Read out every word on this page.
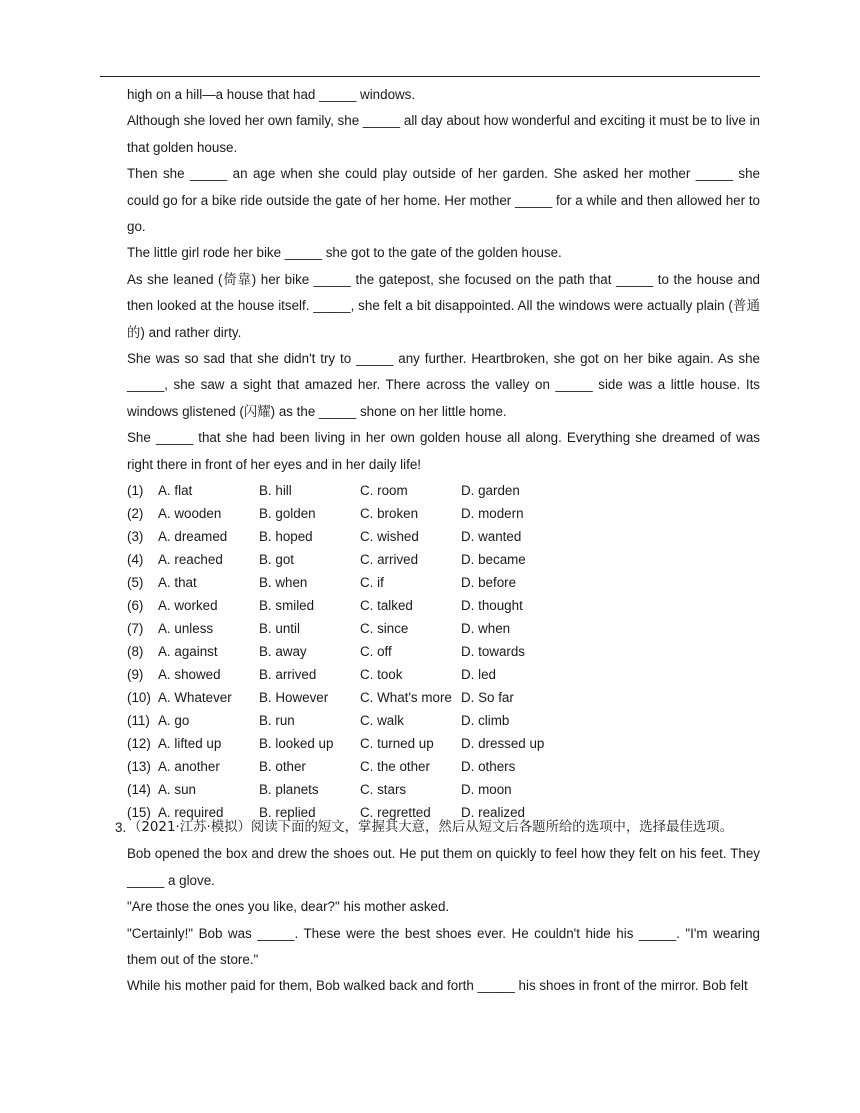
high on a hill—a house that had _____ windows.
Although she loved her own family, she _____ all day about how wonderful and exciting it must be to live in that golden house.
Then she _____ an age when she could play outside of her garden. She asked her mother _____ she could go for a bike ride outside the gate of her home. Her mother _____ for a while and then allowed her to go.
The little girl rode her bike _____ she got to the gate of the golden house.
As she leaned (倚靠) her bike _____ the gatepost, she focused on the path that _____ to the house and then looked at the house itself. _____, she felt a bit disappointed. All the windows were actually plain (普通的) and rather dirty.
She was so sad that she didn't try to _____ any further. Heartbroken, she got on her bike again. As she _____, she saw a sight that amazed her. There across the valley on _____ side was a little house. Its windows glistened (闪耀) as the _____ shone on her little home.
She _____ that she had been living in her own golden house all along. Everything she dreamed of was right there in front of her eyes and in her daily life!
(1)	A. flat	B. hill	C. room	D. garden
(2)	A. wooden	B. golden	C. broken	D. modern
(3)	A. dreamed	B. hoped	C. wished	D. wanted
(4)	A. reached	B. got	C. arrived	D. became
(5)	A. that	B. when	C. if	D. before
(6)	A. worked	B. smiled	C. talked	D. thought
(7)	A. unless	B. until	C. since	D. when
(8)	A. against	B. away	C. off	D. towards
(9)	A. showed	B. arrived	C. took	D. led
(10)	A. Whatever	B. However	C. What's more	D. So far
(11)	A. go	B. run	C. walk	D. climb
(12)	A. lifted up	B. looked up	C. turned up	D. dressed up
(13)	A. another	B. other	C. the other	D. others
(14)	A. sun	B. planets	C. stars	D. moon
(15)	A. required	B. replied	C. regretted	D. realized
3. （2021·江苏·模拟）阅读下面的短文，掌握其大意，然后从短文后各题所给的选项中，选择最佳选项。
Bob opened the box and drew the shoes out. He put them on quickly to feel how they felt on his feet. They _____ a glove.
"Are those the ones you like, dear?" his mother asked.
"Certainly!" Bob was _____. These were the best shoes ever. He couldn't hide his _____. "I'm wearing them out of the store."
While his mother paid for them, Bob walked back and forth _____ his shoes in front of the mirror. Bob felt
